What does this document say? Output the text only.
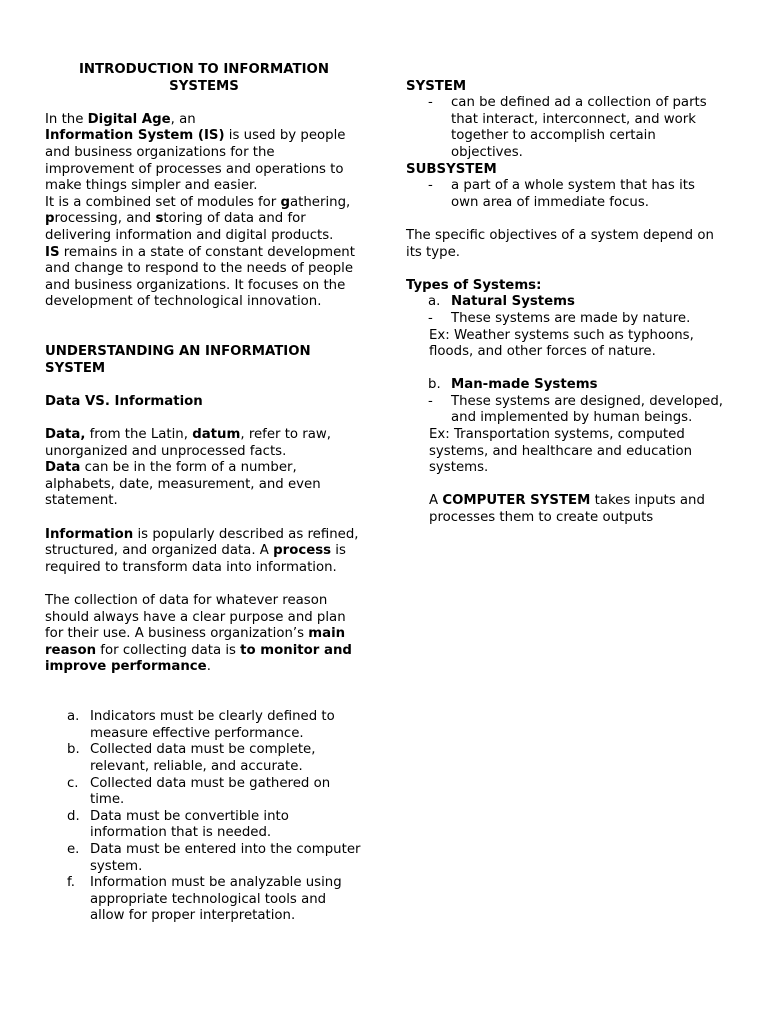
INTRODUCTION TO INFORMATION SYSTEMS

In the Digital Age, an

Information System (IS) is used by people and business organizations for the improvement of processes and operations to make things simpler and easier.

It is a combined set of modules for gathering, processing, and storing of data and for delivering information and digital products.

IS remains in a state of constant development and change to respond to the needs of people and business organizations. It focuses on the development of technological innovation.

UNDERSTANDING AN INFORMATION SYSTEM

Data VS. Information

Data, from the Latin, datum, refer to raw, unorganized and unprocessed facts.

Data can be in the form of a number, alphabets, date, measurement, and even statement.

Information is popularly described as refined, structured, and organized data. A process is required to transform data into information.

The collection of data for whatever reason should always have a clear purpose and plan for their use. A business organization’s main reason for collecting data is to monitor and improve performance.

a. Indicators must be clearly defined to measure effective performance.
b. Collected data must be complete, relevant, reliable, and accurate.
c. Collected data must be gathered on time.
d. Data must be convertible into information that is needed.
e. Data must be entered into the computer system.
f.	Information must be analyzable using appropriate technological tools and allow for proper interpretation.

SYSTEM

-	can be defined ad a collection of parts that interact, interconnect, and work together to accomplish certain objectives.

SUBSYSTEM

-	a part of a whole system that has its own area of immediate focus.

The specific objectives of a system depend on its type.

Types of Systems:

a. Natural Systems
-	These systems are made by nature.

Ex: Weather systems such as typhoons, floods, and other forces of nature.

b. Man-made Systems
-	These systems are designed, developed, and implemented by human beings.

Ex: Transportation systems, computed systems, and healthcare and education systems.

A COMPUTER SYSTEM takes inputs and processes them to create outputs
